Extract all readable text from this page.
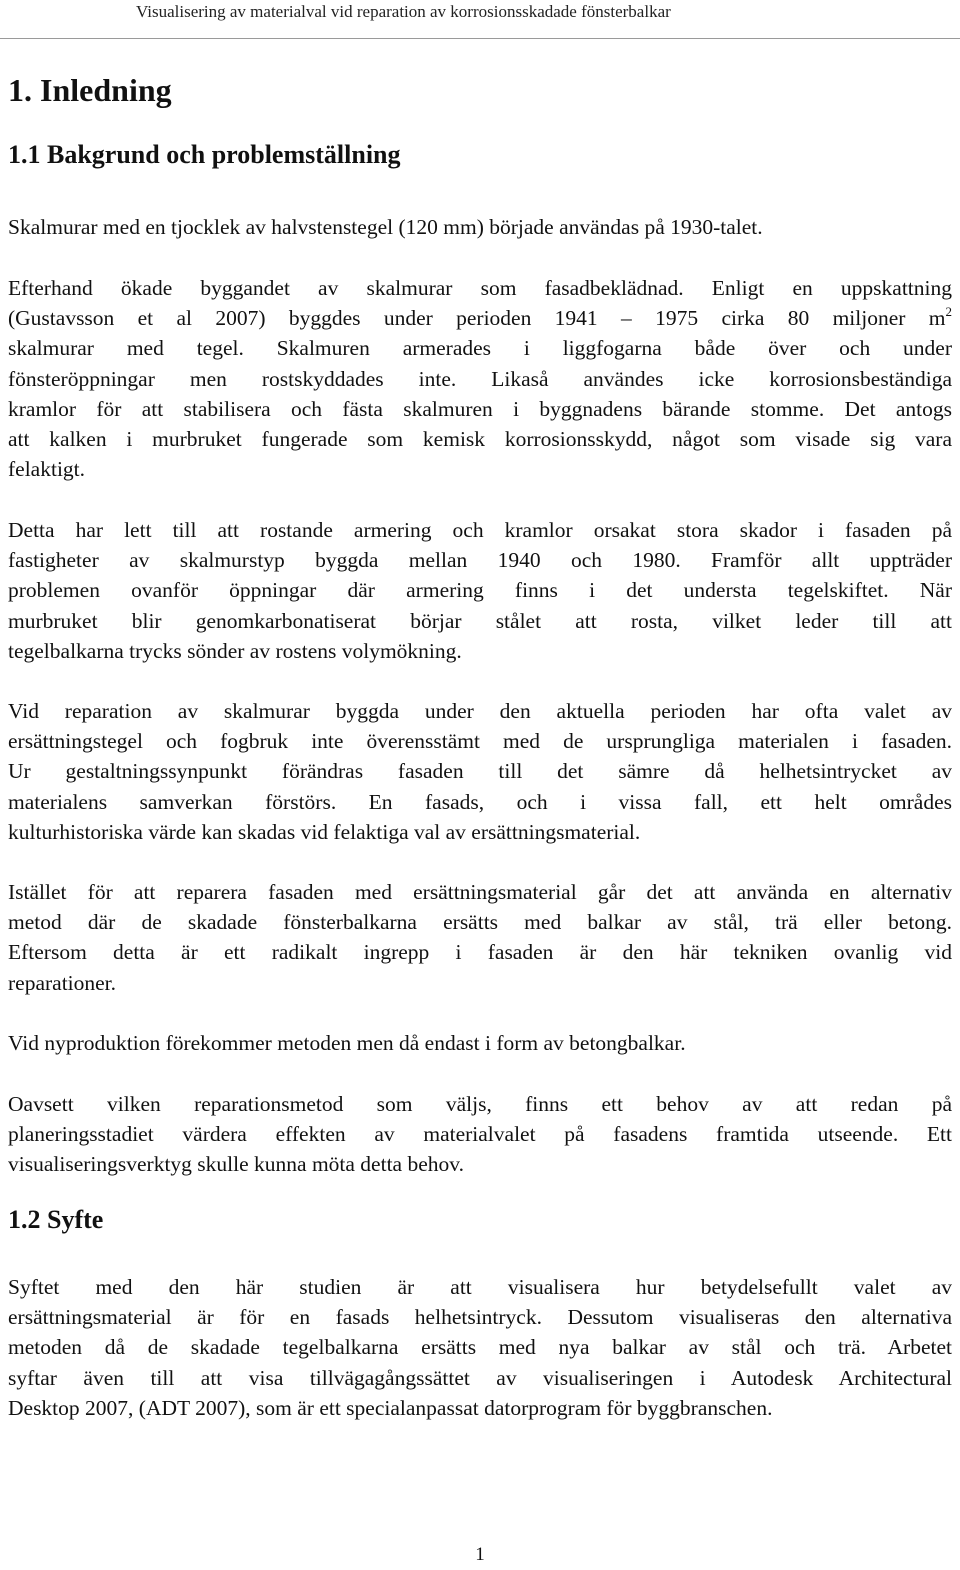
Visualisering av materialval vid reparation av korrosionsskadade fönsterbalkar
1. Inledning
1.1 Bakgrund och problemställning
Skalmurar med en tjocklek av halvstenstegel (120 mm) började användas på 1930-talet.
Efterhand ökade byggandet av skalmurar som fasadbeklädnad. Enligt en uppskattning
(Gustavsson et al 2007) byggdes under perioden 1941 – 1975 cirka 80 miljoner $m^2$
skalmurar med tegel. Skalmuren armerades i liggfogarna både över och under
fönsteröppningar men rostskyddades inte. Likaså användes icke korrosionsbeständiga
kramlor för att stabilisera och fästa skalmuren i byggnadens bärande stomme. Det antogs
att kalken i murbruket fungerade som kemisk korrosionsskydd, något som visade sig vara
felaktigt.
Detta har lett till att rostande armering och kramlor orsakat stora skador i fasaden på
fastigheter av skalmurstyp byggda mellan 1940 och 1980. Framför allt uppträder
problemen ovanför öppningar där armering finns i det understa tegelskiftet. När
murbruket blir genomkarbonatiserat börjar stålet att rosta, vilket leder till att
tegelbalkarna trycks sönder av rostens volymökning.
Vid reparation av skalmurar byggda under den aktuella perioden har ofta valet av
ersättningstegel och fogbruk inte överensstämt med de ursprungliga materialen i fasaden.
Ur gestaltningssynpunkt förändras fasaden till det sämre då helhetsintrycket av
materialens samverkan förstörs. En fasads, och i vissa fall, ett helt områdes
kulturhistoriska värde kan skadas vid felaktiga val av ersättningsmaterial.
Istället för att reparera fasaden med ersättningsmaterial går det att använda en alternativ
metod där de skadade fönsterbalkarna ersätts med balkar av stål, trä eller betong.
Eftersom detta är ett radikalt ingrepp i fasaden är den här tekniken ovanlig vid
reparationer.
Vid nyproduktion förekommer metoden men då endast i form av betongbalkar.
Oavsett vilken reparationsmetod som väljs, finns ett behov av att redan på
planeringsstadiet värdera effekten av materialvalet på fasadens framtida utseende. Ett
visualiseringsverktyg skulle kunna möta detta behov.
1.2 Syfte
Syftet med den här studien är att visualisera hur betydelsefullt valet av
ersättningsmaterial är för en fasads helhetsintryck. Dessutom visualiseras den alternativa
metoden då de skadade tegelbalkarna ersätts med nya balkar av stål och trä. Arbetet
syftar även till att visa tillvägagångssättet av visualiseringen i Autodesk Architectural
Desktop 2007, (ADT 2007), som är ett specialanpassat datorprogram för byggbranschen.
1
